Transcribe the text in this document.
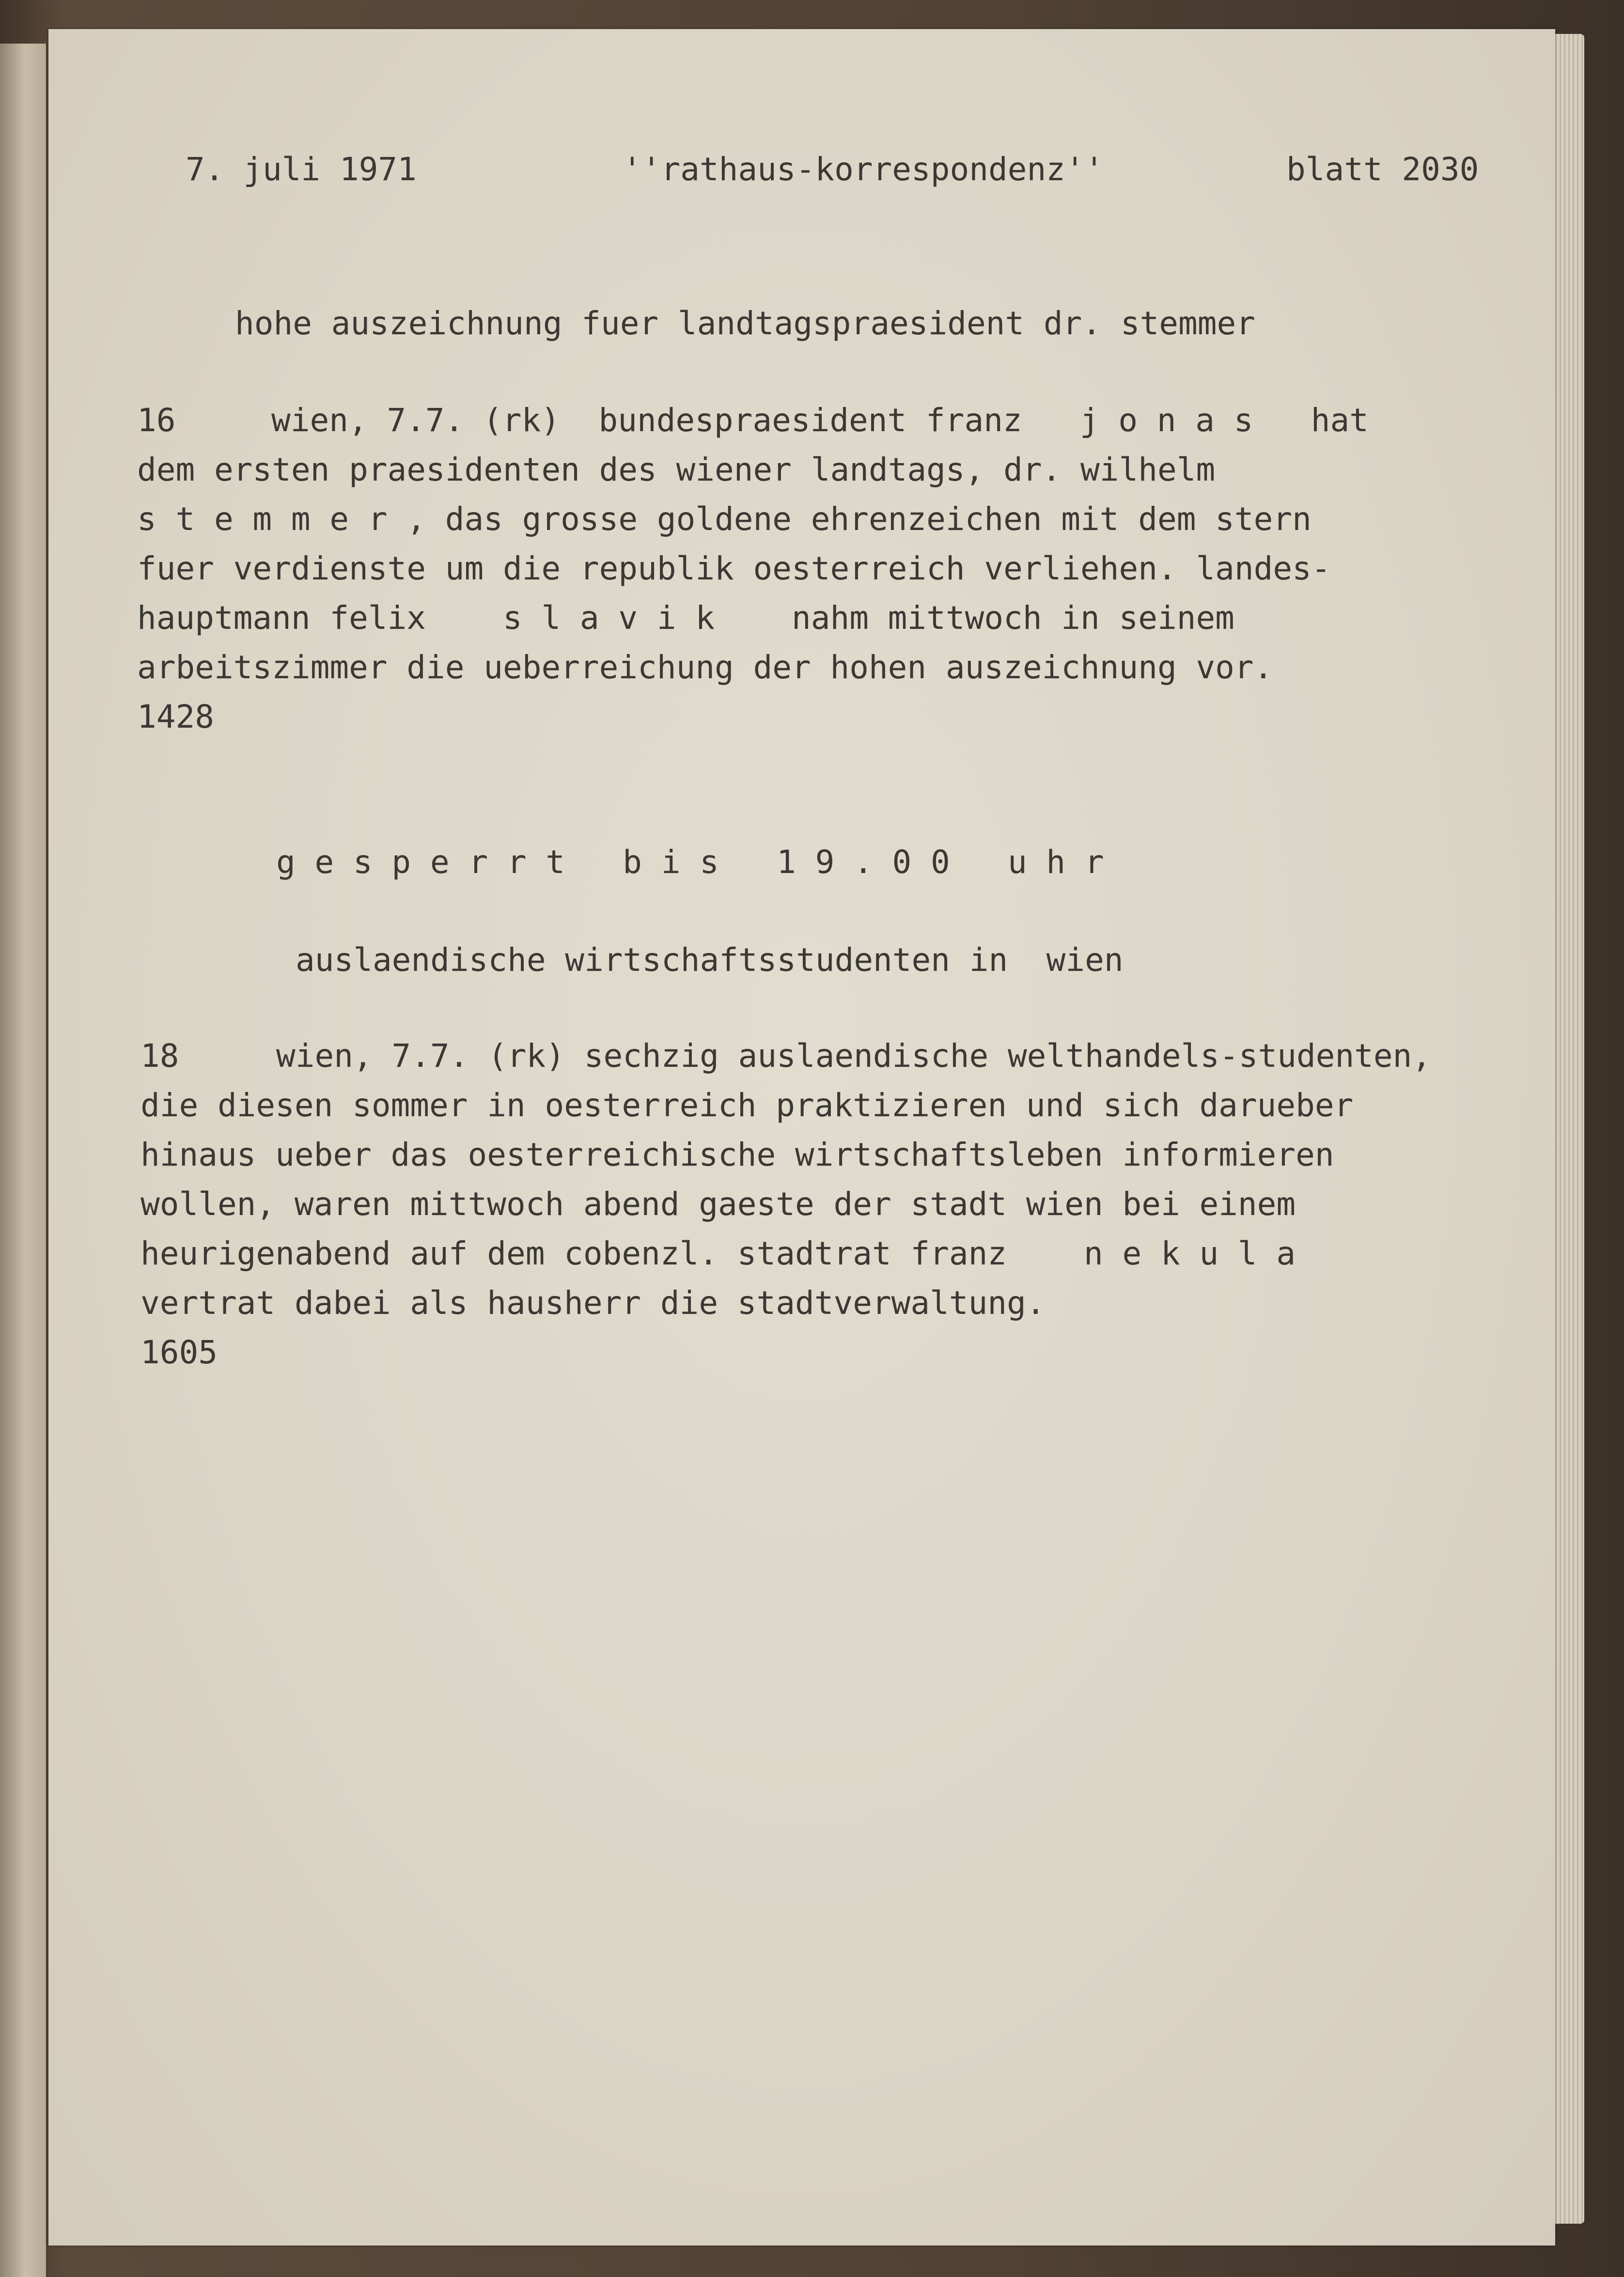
7. juli 1971	''rathaus-korrespondenz''	blatt 2030
hohe auszeichnung fuer landtagspraesident dr. stemmer
16	wien, 7.7. (rk)  bundespraesident franz   j o n a s   hat
dem ersten praesidenten des wiener landtags, dr. wilhelm
s t e m m e r , das grosse goldene ehrenzeichen mit dem stern
fuer verdienste um die republik oesterreich verliehen. landes-
hauptmann felix    s l a v i k    nahm mittwoch in seinem
arbeitszimmer die ueberreichung der hohen auszeichnung vor.
1428
g e s p e r r t   b i s   1 9 . 0 0   u h r
auslaendische wirtschaftsstudenten in  wien
18	wien, 7.7. (rk) sechzig auslaendische welthandels-studenten,
die diesen sommer in oesterreich praktizieren und sich darueber
hinaus ueber das oesterreichische wirtschaftsleben informieren
wollen, waren mittwoch abend gaeste der stadt wien bei einem
heurigenabend auf dem cobenzl. stadtrat franz    n e k u l a
vertrat dabei als hausherr die stadtverwaltung.
1605
